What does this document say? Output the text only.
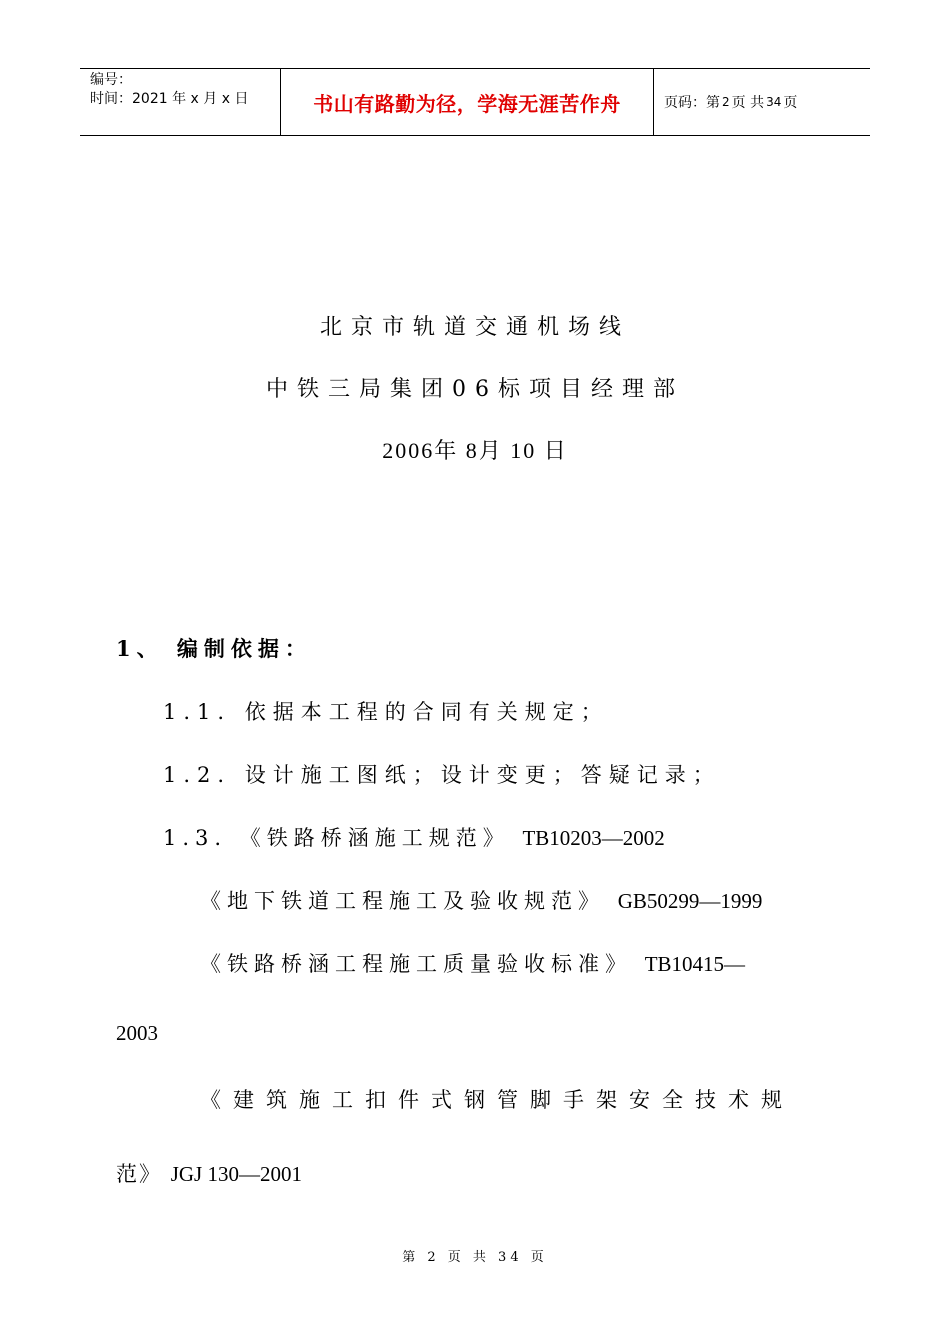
编号：
时间：2021 年 x 月 x 日	书山有路勤为径，学海无涯苦作舟	页码：第 2 页 共 34 页
北京市轨道交通机场线
中铁三局集团06标项目经理部
2006年 8月 10 日
1、 编制依据：
1.1. 依据本工程的合同有关规定；
1.2. 设计施工图纸；设计变更；答疑记录；
1.3. 《铁路桥涵施工规范》 TB10203—2002
《地下铁道工程施工及验收规范》 GB50299—1999
《铁路桥涵工程施工质量验收标准》 TB10415—
2003
《建筑施工扣件式钢管脚手架安全技术规
范》 JGJ 130—2001
第 2 页 共 34 页
